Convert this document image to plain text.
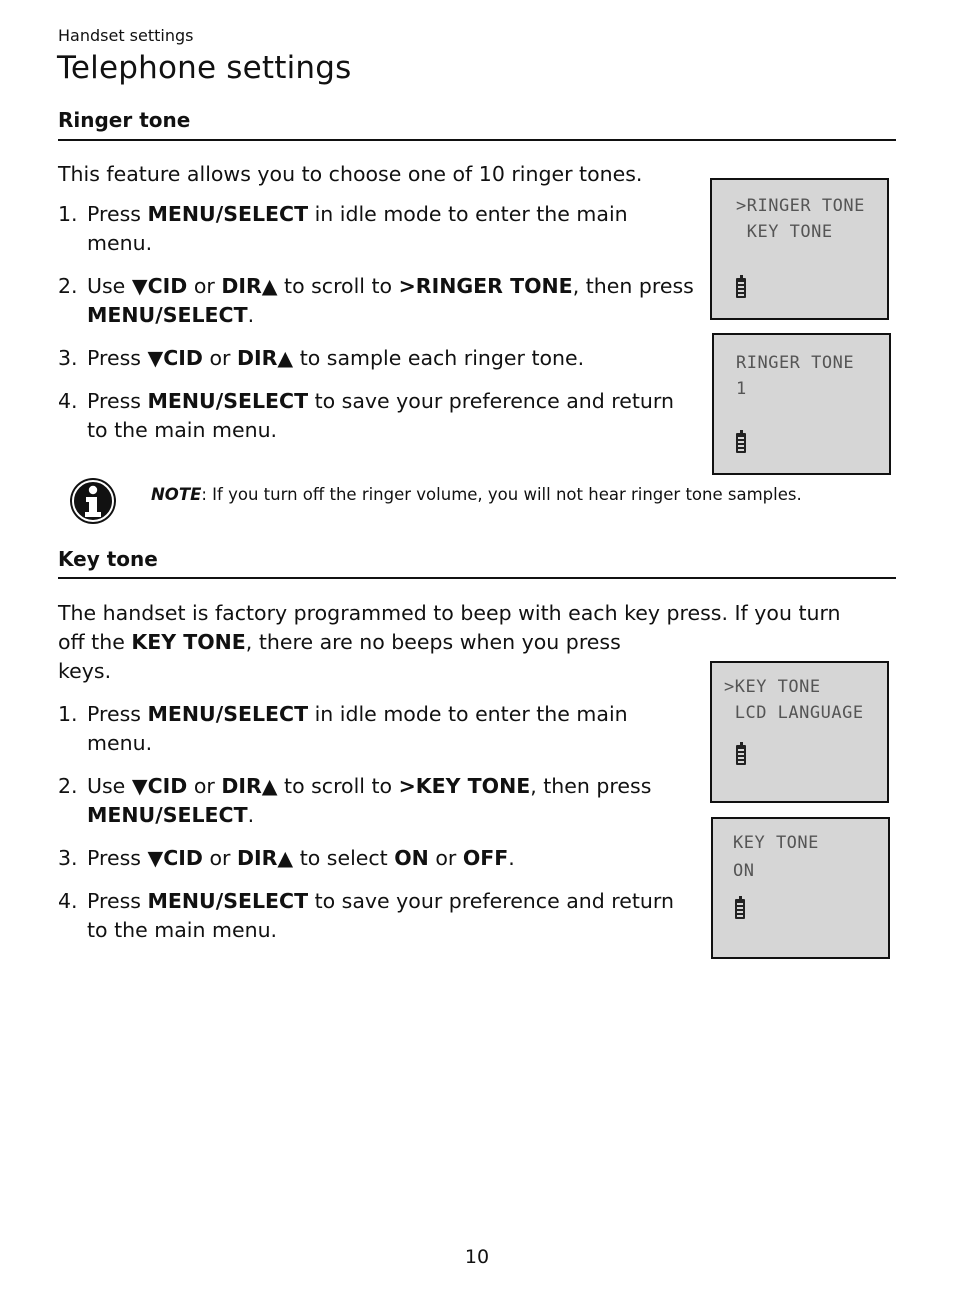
Handset settings
Telephone settings
Ringer tone

This feature allows you to choose one of 10 ringer tones.

1. Press MENU/SELECT in idle mode to enter the main menu.
2. Use ▼CID or DIR▲ to scroll to >RINGER TONE, then press MENU/SELECT.
3. Press ▼CID or DIR▲ to sample each ringer tone.
4. Press MENU/SELECT to save your preference and return to the main menu.
>RINGER TONE
KEY TONE
RINGER TONE
1
NOTE: If you turn off the ringer volume, you will not hear ringer tone samples.
Key tone
The handset is factory programmed to beep with each key press. If you turn
off the KEY TONE, there are no beeps when you press
keys.
1. Press MENU/SELECT in idle mode to enter the main menu.
2. Use ▼CID or DIR▲ to scroll to >KEY TONE, then press MENU/SELECT.
3. Press ▼CID or DIR▲ to select ON or OFF.
4. Press MENU/SELECT to save your preference and return to the main menu.
>KEY TONE
LCD LANGUAGE
KEY TONE
ON
10
